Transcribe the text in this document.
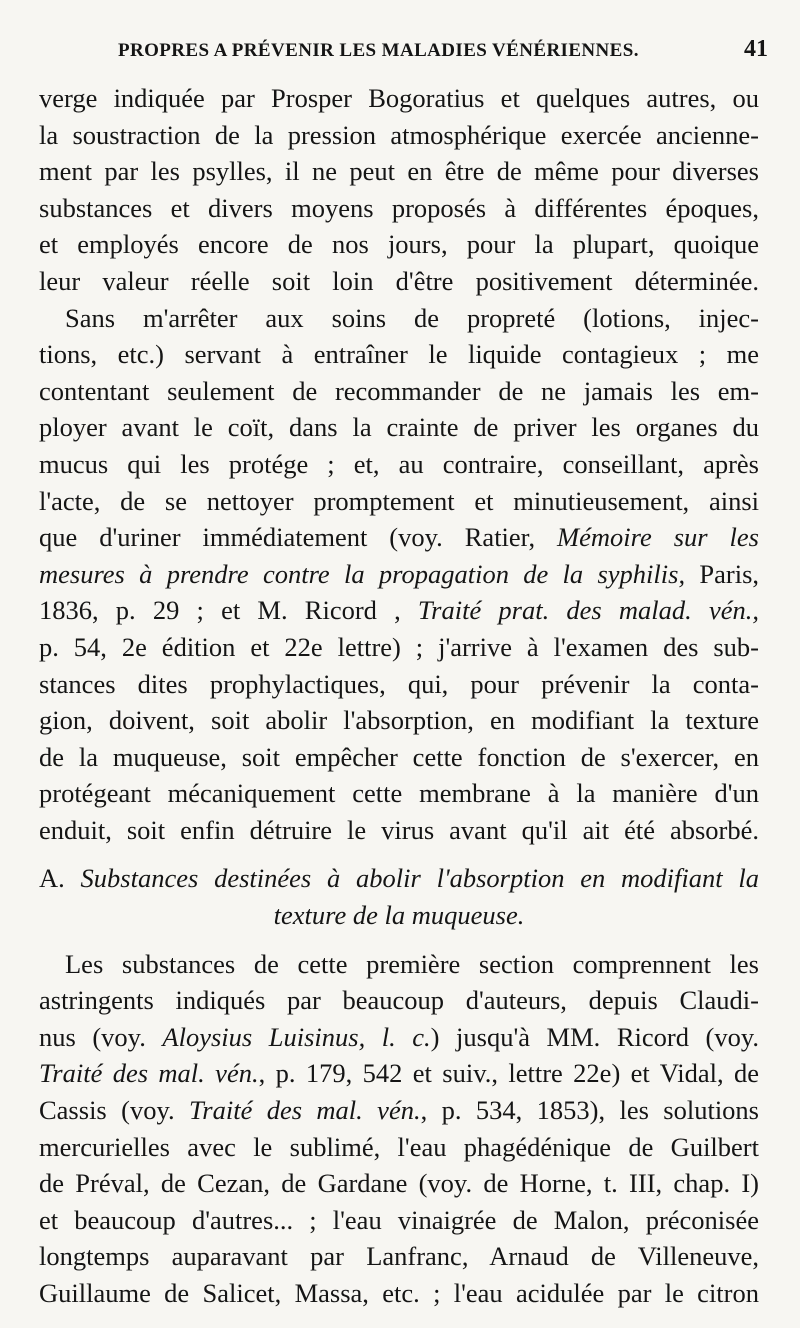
PROPRES A PRÉVENIR LES MALADIES VÉNÉRIENNES.	41
verge indiquée par Prosper Bogoratius et quelques autres, ou
la soustraction de la pression atmosphérique exercée ancienne-
ment par les psylles, il ne peut en être de même pour diverses
substances et divers moyens proposés à différentes époques,
et employés encore de nos jours, pour la plupart, quoique
leur valeur réelle soit loin d'être positivement déterminée.
Sans m'arrêter aux soins de propreté (lotions, injec-
tions, etc.) servant à entraîner le liquide contagieux ; me
contentant seulement de recommander de ne jamais les em-
ployer avant le coït, dans la crainte de priver les organes du
mucus qui les protége ; et, au contraire, conseillant, après
l'acte, de se nettoyer promptement et minutieusement, ainsi
que d'uriner immédiatement (voy. Ratier, Mémoire sur les
mesures à prendre contre la propagation de la syphilis, Paris,
1836, p. 29 ; et M. Ricord , Traité prat. des malad. vén.,
p. 54, 2e édition et 22e lettre) ; j'arrive à l'examen des sub-
stances dites prophylactiques, qui, pour prévenir la conta-
gion, doivent, soit abolir l'absorption, en modifiant la texture
de la muqueuse, soit empêcher cette fonction de s'exercer, en
protégeant mécaniquement cette membrane à la manière d'un
enduit, soit enfin détruire le virus avant qu'il ait été absorbé.
A. Substances destinées à abolir l'absorption en modifiant la
texture de la muqueuse.
Les substances de cette première section comprennent les
astringents indiqués par beaucoup d'auteurs, depuis Claudi-
nus (voy. Aloysius Luisinus, l. c.) jusqu'à MM. Ricord (voy.
Traité des mal. vén., p. 179, 542 et suiv., lettre 22e) et Vidal, de
Cassis (voy. Traité des mal. vén., p. 534, 1853), les solutions
mercurielles avec le sublimé, l'eau phagédénique de Guilbert
de Préval, de Cezan, de Gardane (voy. de Horne, t. III, chap. I)
et beaucoup d'autres... ; l'eau vinaigrée de Malon, préconisée
longtemps auparavant par Lanfranc, Arnaud de Villeneuve,
Guillaume de Salicet, Massa, etc. ; l'eau acidulée par le citron
